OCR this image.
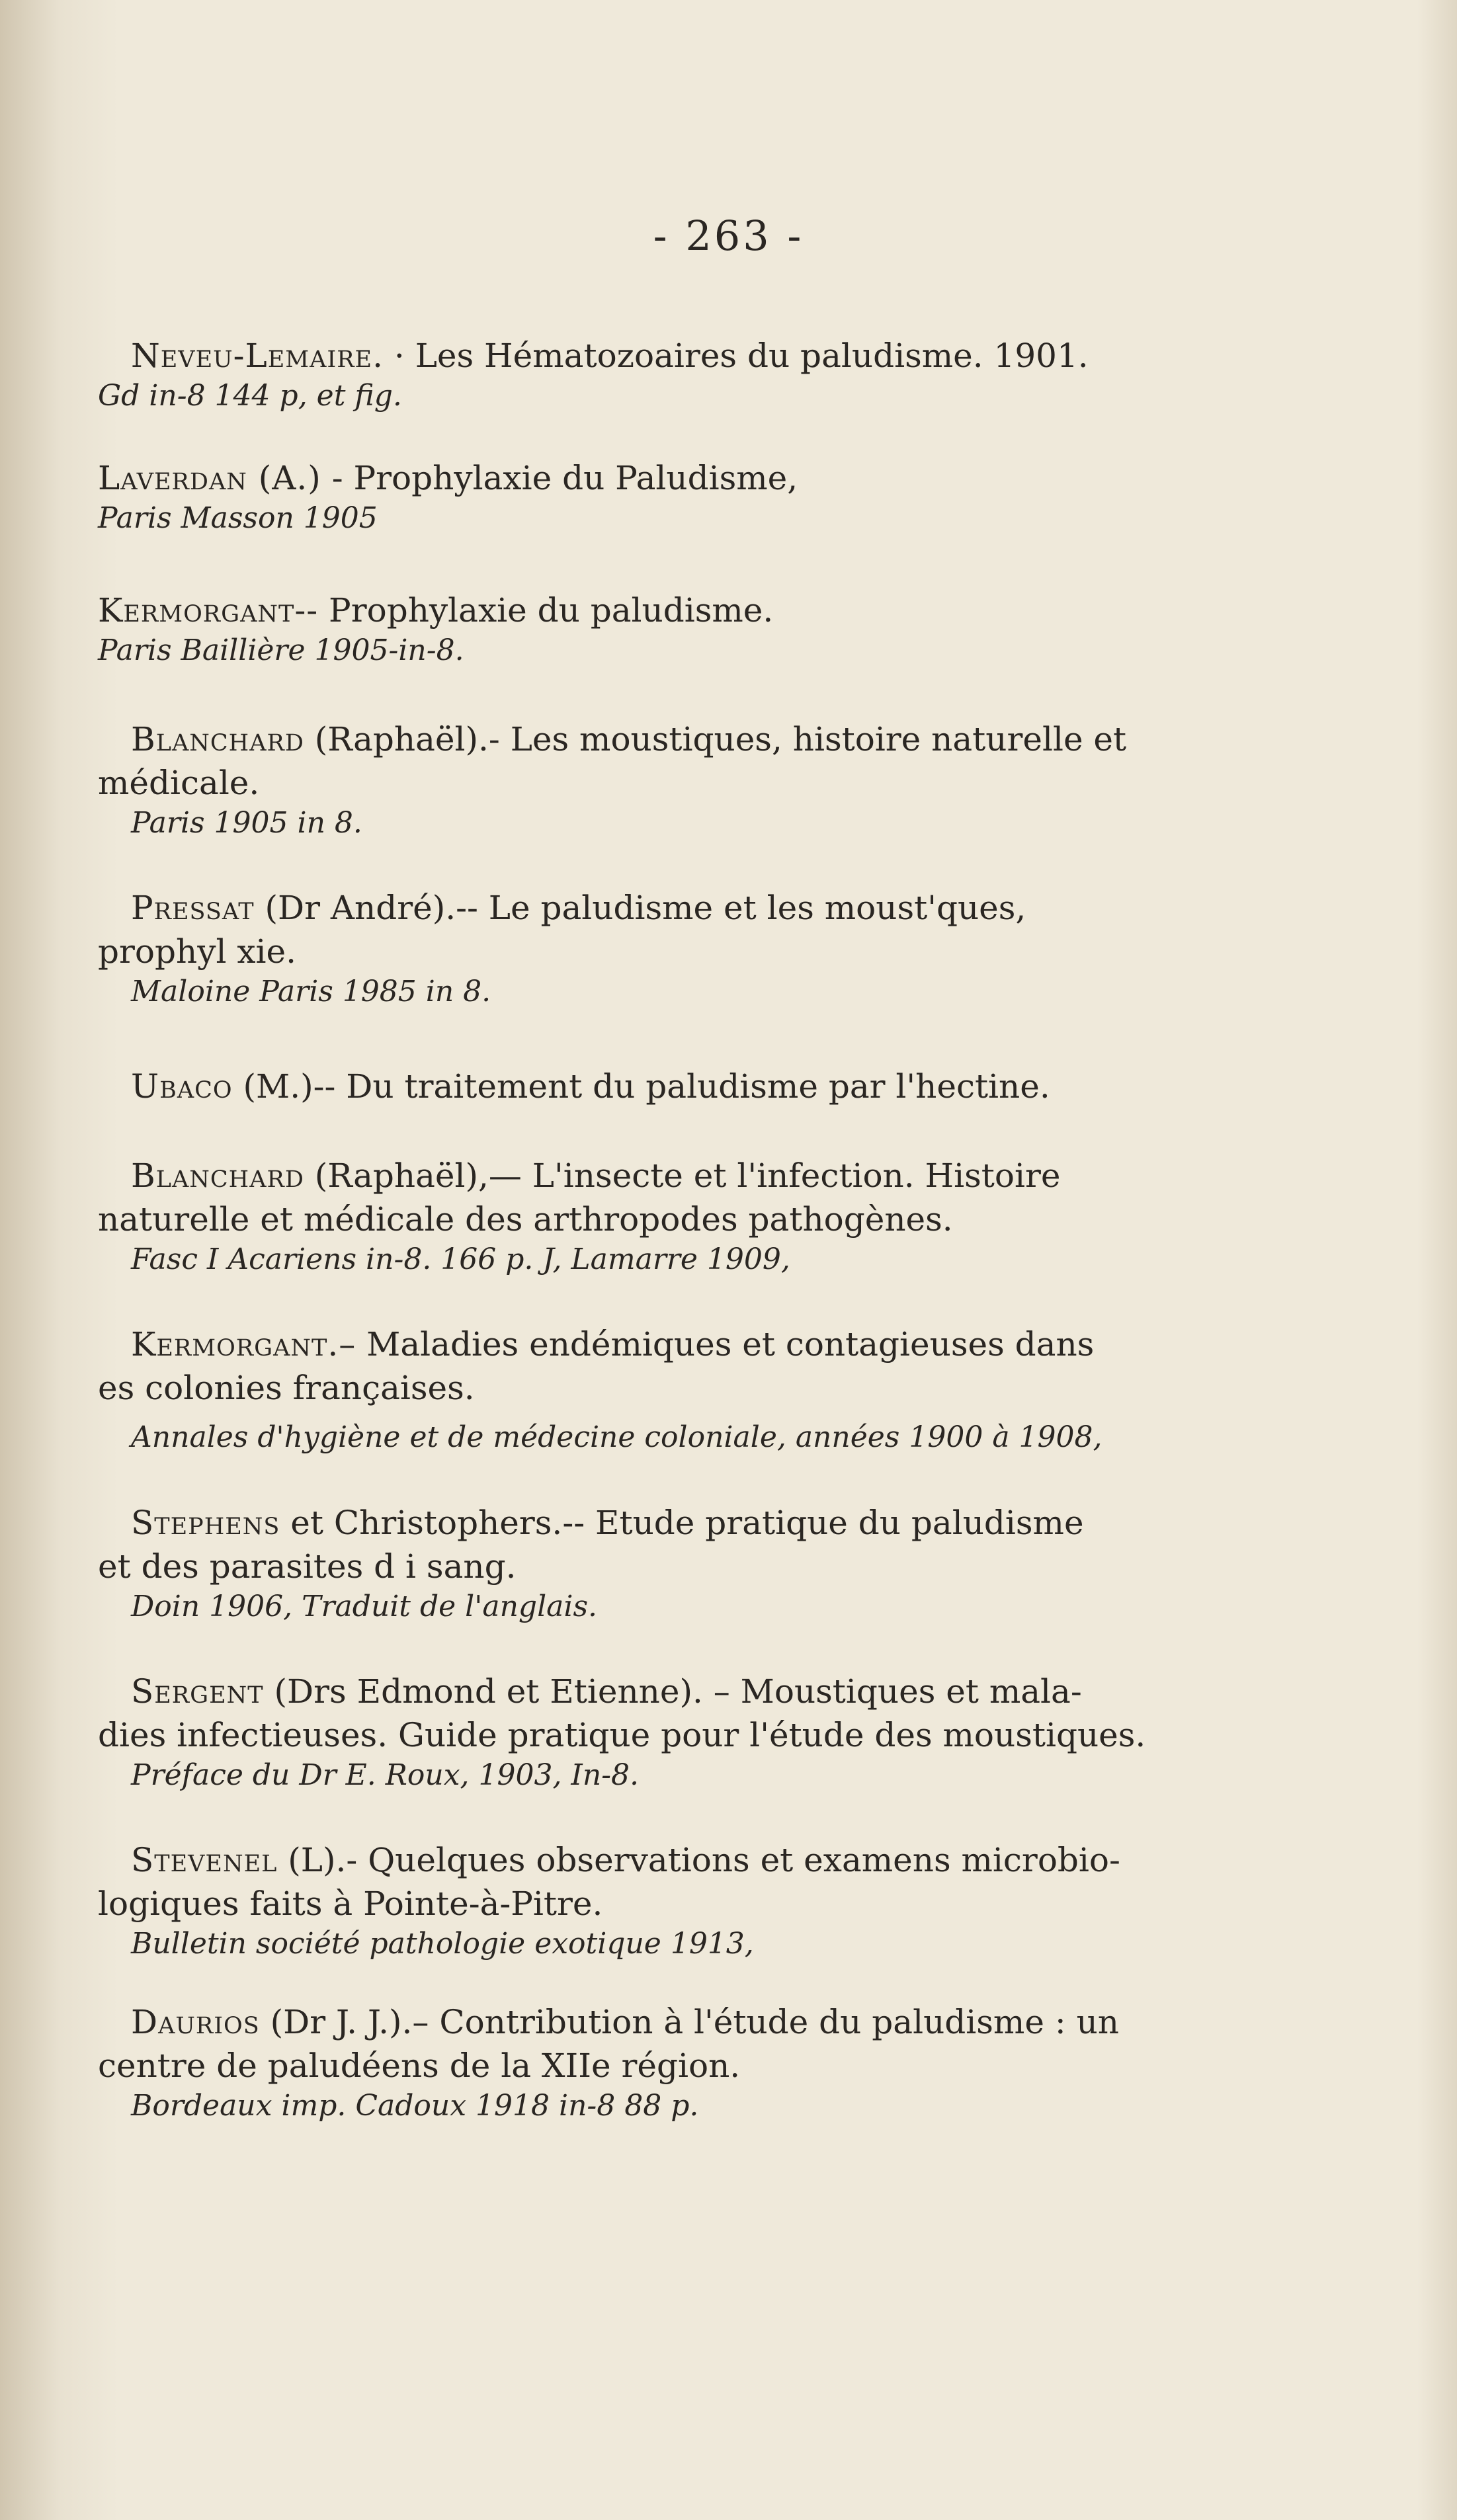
- 263 -
Neveu-Lemaire. · Les Hématozoaires du paludisme. 1901.
Gd in-8 144 p, et fig.
Laverdan (A.) - Prophylaxie du Paludisme,
Paris Masson 1905
Kermorgant-- Prophylaxie du paludisme.
Paris Baillière 1905-in-8.
Blanchard (Raphaël).- Les moustiques, histoire naturelle et
médicale.
Paris 1905 in 8.
Pressat (Dr André).-- Le paludisme et les moust'ques,
prophyl xie.
Maloine Paris 1985 in 8.
Ubaco (M.)-- Du traitement du paludisme par l'hectine.
Blanchard (Raphaël),— L'insecte et l'infection. Histoire
naturelle et médicale des arthropodes pathogènes.
Fasc I Acariens in-8. 166 p. J, Lamarre 1909,
Kermorgant.– Maladies endémiques et contagieuses dans
es colonies françaises.
Annales d'hygiène et de médecine coloniale, années 1900 à 1908,
Stephens et Christophers.-- Etude pratique du paludisme
et des parasites d i sang.
Doin 1906, Traduit de l'anglais.
Sergent (Drs Edmond et Etienne). – Moustiques et mala-
dies infectieuses. Guide pratique pour l'étude des moustiques.
Préface du Dr E. Roux, 1903, In-8.
Stevenel (L).- Quelques observations et examens microbio-
logiques faits à Pointe-à-Pitre.
Bulletin société pathologie exotique 1913,
Daurios (Dr J. J.).– Contribution à l'étude du paludisme : un
centre de paludéens de la XIIe région.
Bordeaux imp. Cadoux 1918 in-8 88 p.
